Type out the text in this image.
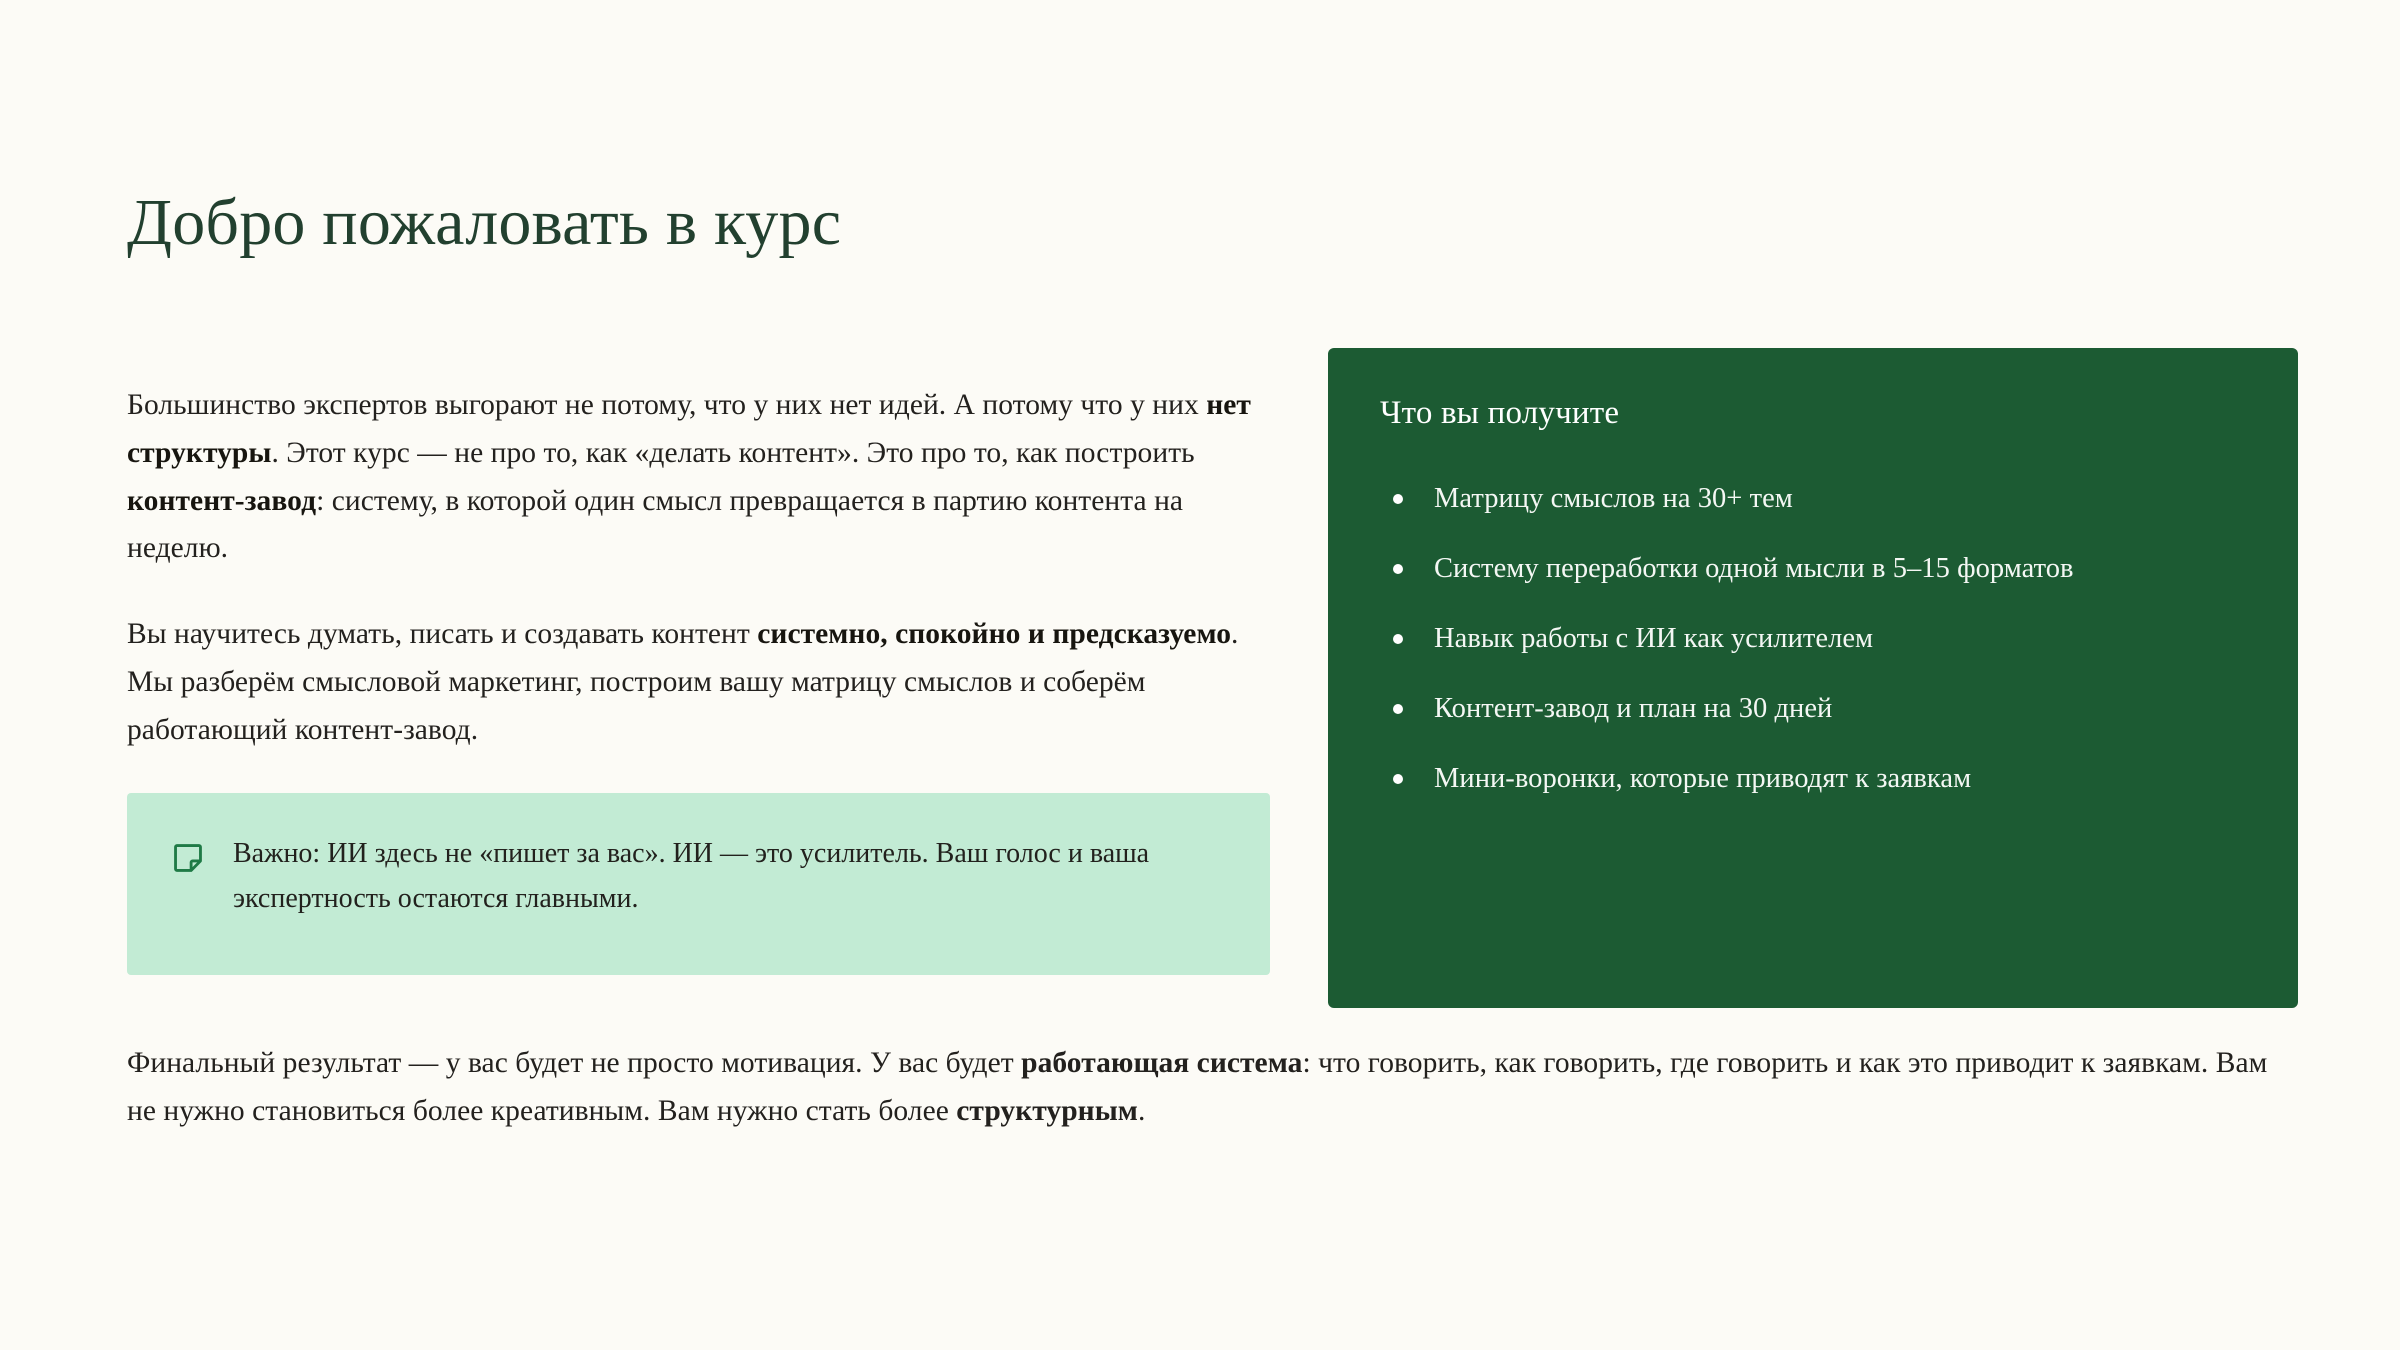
Добро пожаловать в курс

Большинство экспертов выгорают не потому, что у них нет идей. А потому что у них нет структуры. Этот курс — не про то, как «делать контент». Это про то, как построить контент-завод: систему, в которой один смысл превращается в партию контента на неделю.

Вы научитесь думать, писать и создавать контент системно, спокойно и предсказуемо. Мы разберём смысловой маркетинг, построим вашу матрицу смыслов и соберём работающий контент-завод.

Важно: ИИ здесь не «пишет за вас». ИИ — это усилитель. Ваш голос и ваша экспертность остаются главными.

Что вы получите
Матрицу смыслов на 30+ тем
Систему переработки одной мысли в 5–15 форматов
Навык работы с ИИ как усилителем
Контент-завод и план на 30 дней
Мини-воронки, которые приводят к заявкам

Финальный результат — у вас будет не просто мотивация. У вас будет работающая система: что говорить, как говорить, где говорить и как это приводит к заявкам. Вам не нужно становиться более креативным. Вам нужно стать более структурным.
